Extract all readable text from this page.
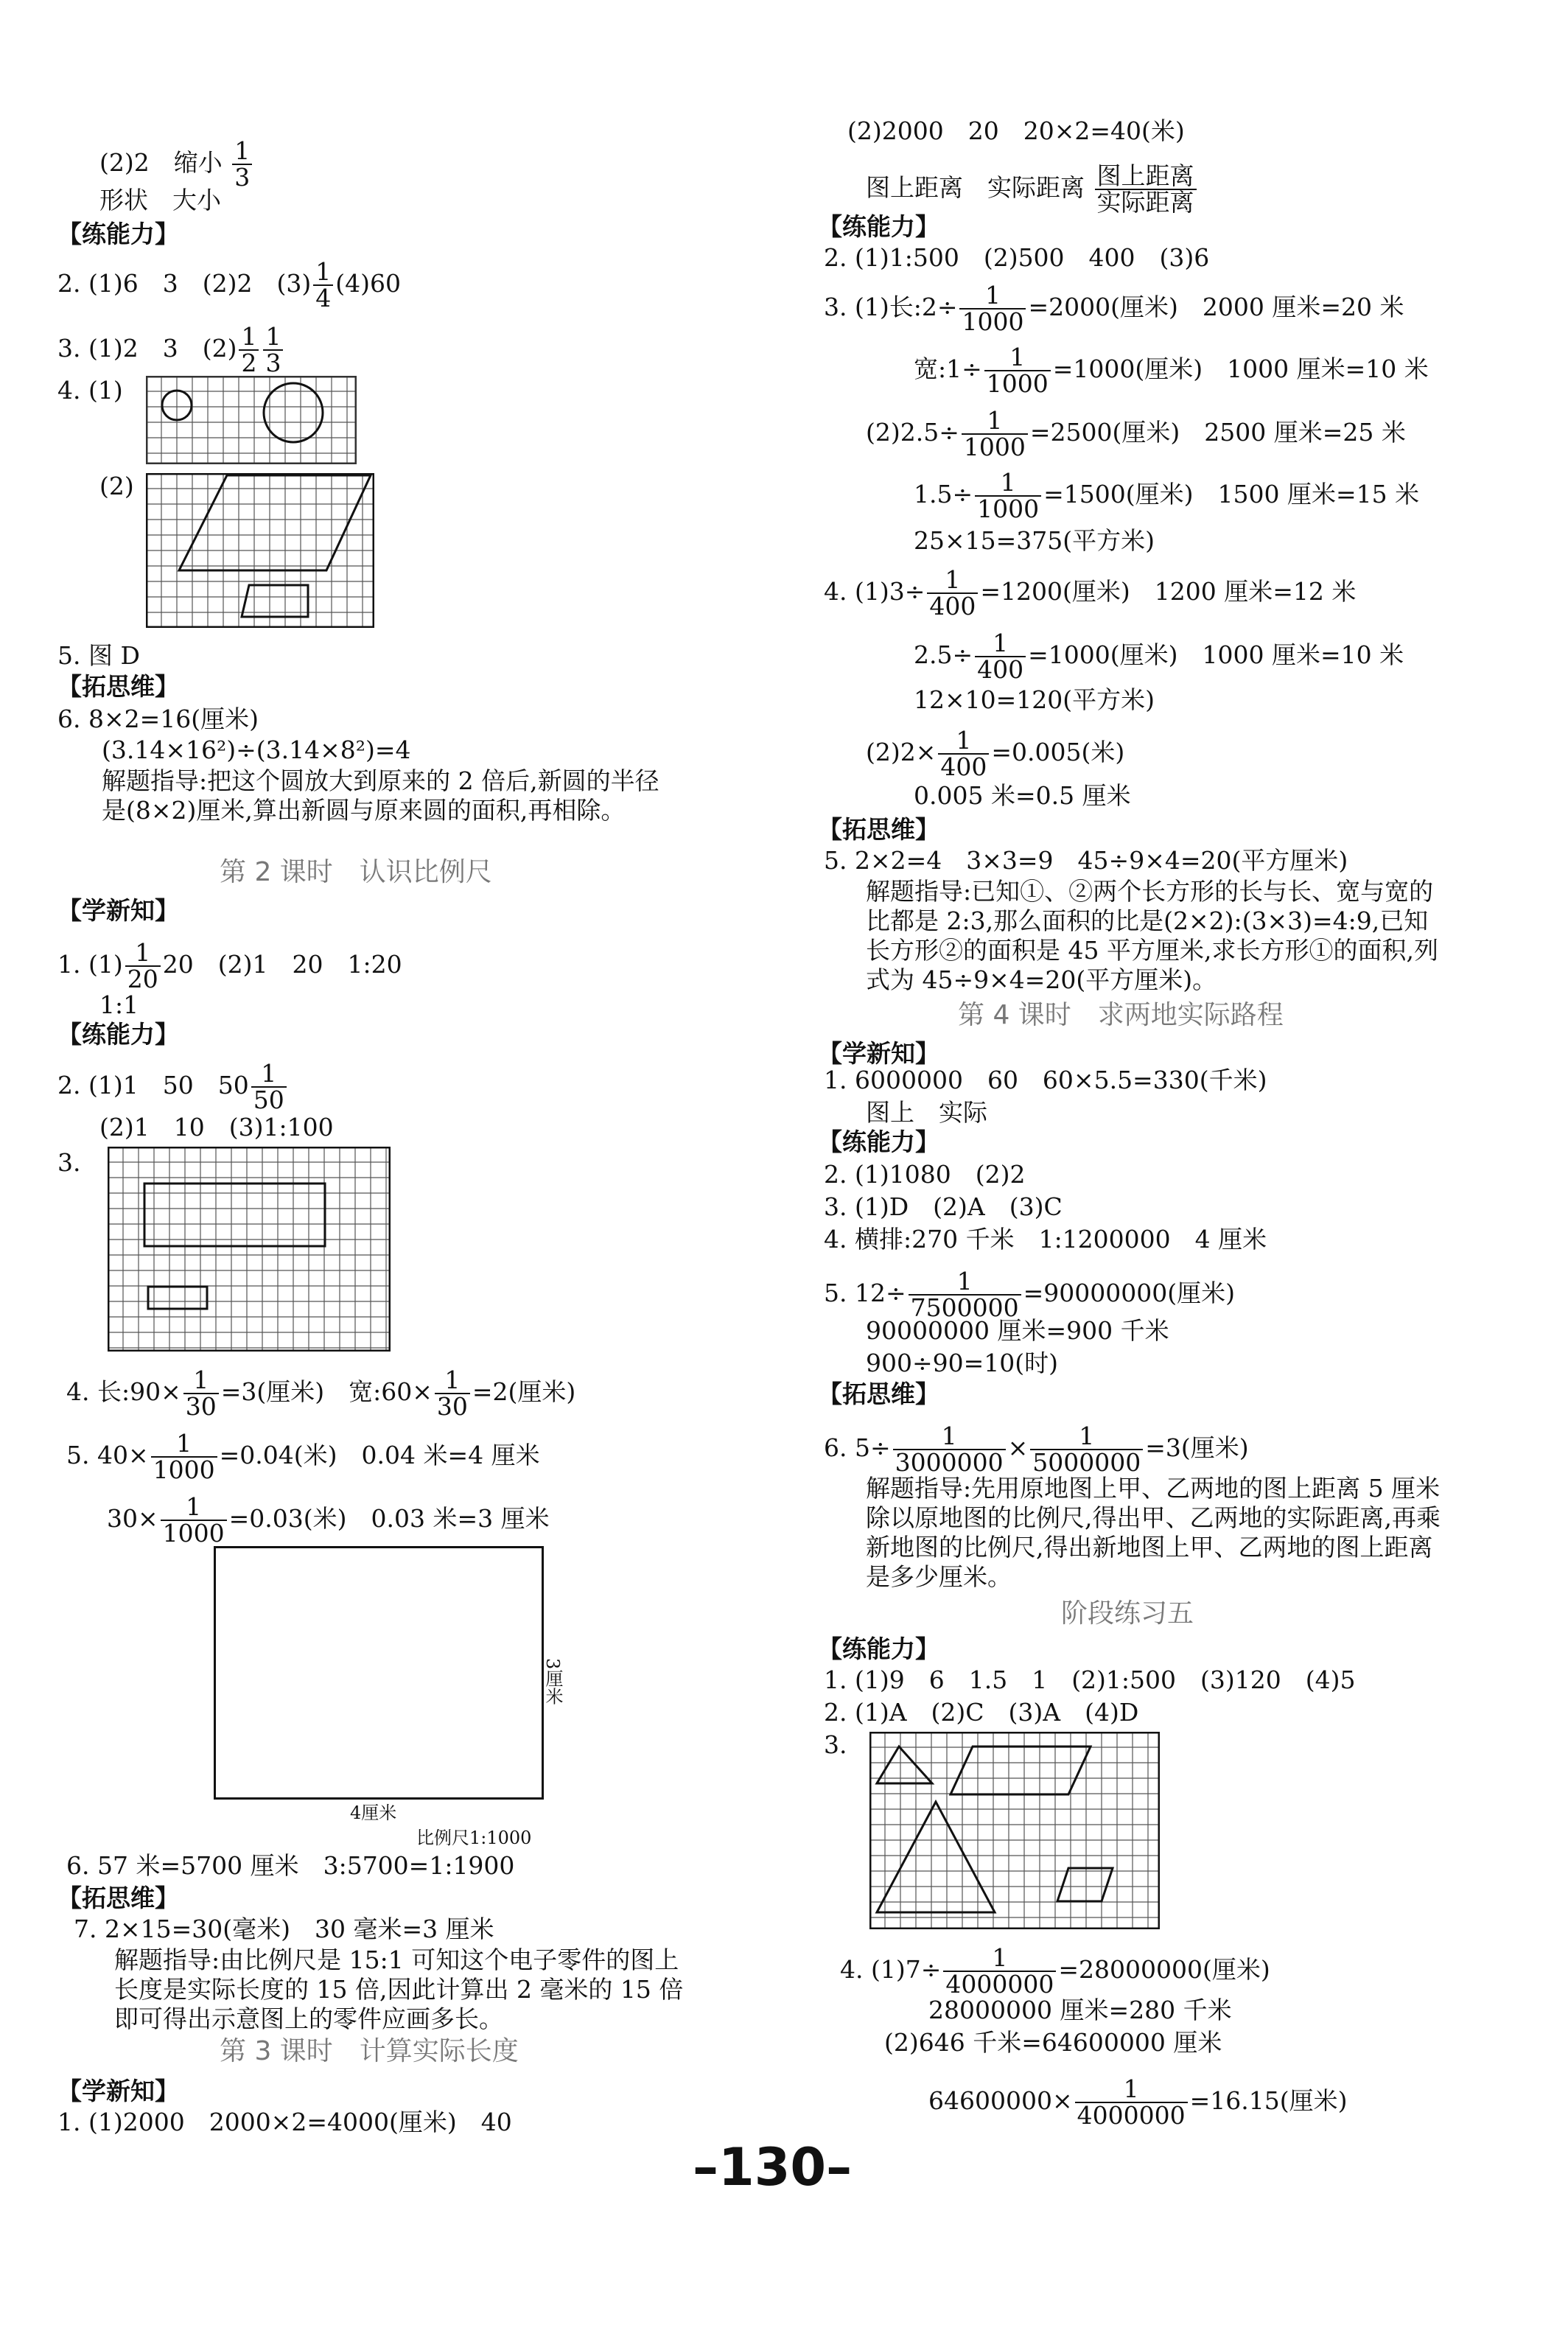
(2)2　缩小 $\frac{1}{3}$
形状　大小
【练能力】
2. (1)6　3　(2)2　$(3) \frac{1}{4} (4)60$
3. (1)2　3　$(2) \frac{1}{2} \frac{1}{3}$
4. (1)
(2)
5. 图 D
【拓思维】
6. 8×2=16(厘米)
(3.14×16²)÷(3.14×8²)=4
解题指导:把这个圆放大到原来的 2 倍后,新圆的半径是(8×2)厘米,算出新圆与原来圆的面积,再相除。
第 2 课时　认识比例尺
【学新知】
1. $(1) \frac{1}{20} 20$　(2)1　20　1:20
1:1
【练能力】
2. (1)1　50　$50 \frac{1}{50}$
(2)1　10　(3)1:100
3.
4. 长:90× $\frac{1}{30} =3$(厘米)　宽:60× $\frac{1}{30} =2$(厘米)
5. $40\times \frac{1}{1000} =0.04$(米)　0.04 米=4 厘米
$30\times \frac{1}{1000} =0.03$(米)　0.03 米=3 厘米
3厘米
4厘米
比例尺1:1000
6. 57 米=5700 厘米　3:5700=1:1900
【拓思维】
7. 2×15=30(毫米)　30 毫米=3 厘米
解题指导:由比例尺是 15:1 可知这个电子零件的图上长度是实际长度的 15 倍,因此计算出 2 毫米的 15 倍即可得出示意图上的零件应画多长。
第 3 课时　计算实际长度
【学新知】
1. (1)2000　2000×2=4000(厘米)　40
(2)2000　20　20×2=40(米)
图上距离　实际距离 图上距离
实际距离
【练能力】
2. (1)1:500　(2)500　400　(3)6
3. (1)长:2÷ $\frac{1}{1000} =2000$(厘米)　2000 厘米=20 米
宽:1÷ $\frac{1}{1000} =1000$(厘米)　1000 厘米=10 米
$(2)2.5\div \frac{1}{1000} =2500$(厘米)　2500 厘米=25 米
$1.5\div \frac{1}{1000} =1500$(厘米)　1500 厘米=15 米
25×15=375(平方米)
4. $(1)3\div \frac{1}{400} =1200$(厘米)　1200 厘米=12 米
$2.5\div \frac{1}{400} =1000$(厘米)　1000 厘米=10 米
12×10=120(平方米)
$(2)2\times \frac{1}{400} =0.005$(米)
0.005 米=0.5 厘米
【拓思维】
5. 2×2=4　3×3=9　45÷9×4=20(平方厘米)
解题指导:已知①、②两个长方形的长与长、宽与宽的比都是 2:3,那么面积的比是(2×2):(3×3)=4:9,已知长方形②的面积是 45 平方厘米,求长方形①的面积,列式为 45÷9×4=20(平方厘米)。
第 4 课时　求两地实际路程
【学新知】
1. 6000000　60　60×5.5=330(千米)
图上　实际
【练能力】
2. (1)1080　(2)2
3. (1)D　(2)A　(3)C
4. 横排:270 千米　1:1200000　4 厘米
5. $12\div \frac{1}{7500000} =90000000$(厘米)
90000000 厘米=900 千米
900÷90=10(时)
【拓思维】
6. $5\div \frac{1}{3000000} \times \frac{1}{5000000} =3$(厘米)
解题指导:先用原地图上甲、乙两地的图上距离 5 厘米除以原地图的比例尺,得出甲、乙两地的实际距离,再乘新地图的比例尺,得出新地图上甲、乙两地的图上距离是多少厘米。
阶段练习五
【练能力】
1. (1)9　6　1.5　1　(2)1:500　(3)120　(4)5
2. (1)A　(2)C　(3)A　(4)D
3.
4. $(1)7\div \frac{1}{4000000} =28000000$(厘米)
28000000 厘米=280 千米
(2)646 千米=64600000 厘米
$64600000\times \frac{1}{4000000} =16.15$(厘米)
–130–
